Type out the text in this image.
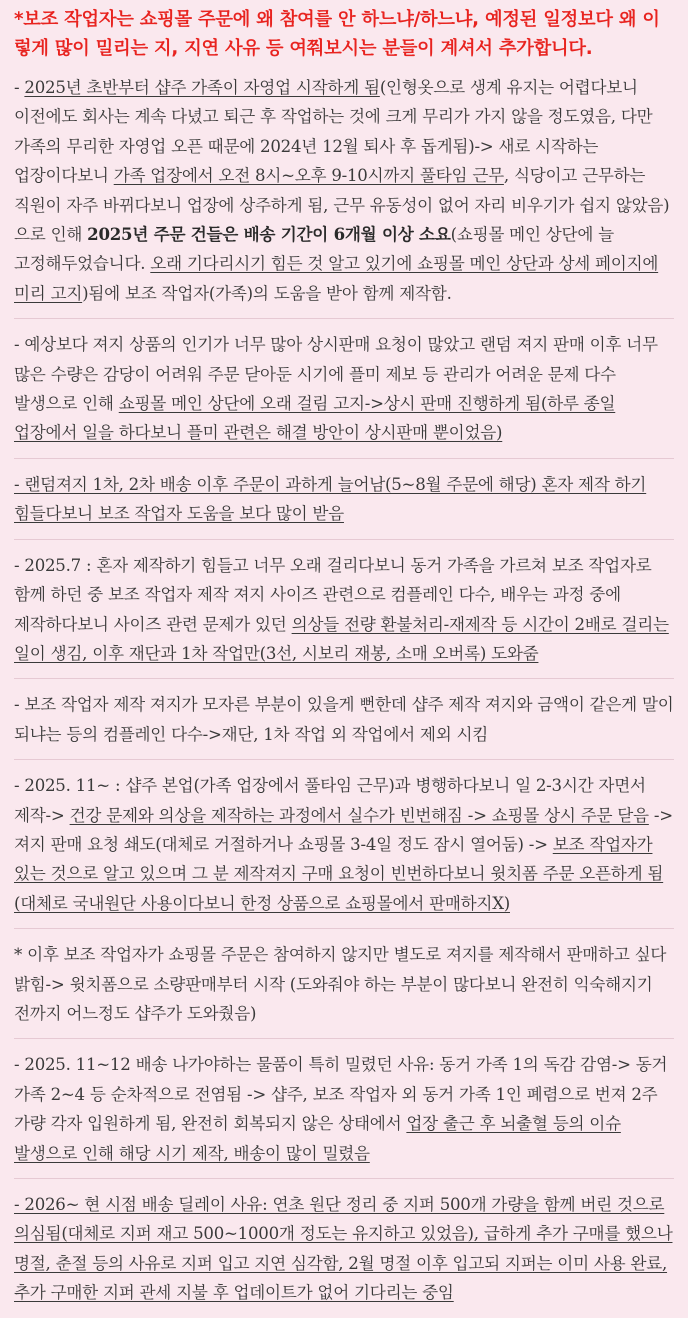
*보조 작업자는 쇼핑몰 주문에 왜 참여를 안 하느냐/하느냐, 예정된 일정보다 왜 이렇게 많이 밀리는 지, 지연 사유 등 여쭤보시는 분들이 계셔서 추가합니다.

- 2025년 초반부터 샵주 가족이 자영업 시작하게 됨(인형옷으로 생계 유지는 어렵다보니 이전에도 회사는 계속 다녔고 퇴근 후 작업하는 것에 크게 무리가 가지 않을 정도였음, 다만 가족의 무리한 자영업 오픈 때문에 2024년 12월 퇴사 후 돕게됨)-> 새로 시작하는 업장이다보니 가족 업장에서 오전 8시~오후 9-10시까지 풀타임 근무, 식당이고 근무하는 직원이 자주 바뀌다보니 업장에 상주하게 됨, 근무 유동성이 없어 자리 비우기가 쉽지 않았음)으로 인해 2025년 주문 건들은 배송 기간이 6개월 이상 소요(쇼핑몰 메인 상단에 늘 고정해두었습니다. 오래 기다리시기 힘든 것 알고 있기에 쇼핑몰 메인 상단과 상세 페이지에 미리 고지)됨에 보조 작업자(가족)의 도움을 받아 함께 제작함.

- 예상보다 져지 상품의 인기가 너무 많아 상시판매 요청이 많았고 랜덤 져지 판매 이후 너무 많은 수량은 감당이 어려워 주문 닫아둔 시기에 플미 제보 등 관리가 어려운 문제 다수 발생으로 인해 쇼핑몰 메인 상단에 오래 걸림 고지->상시 판매 진행하게 됨(하루 종일 업장에서 일을 하다보니 플미 관련은 해결 방안이 상시판매 뿐이었음)

- 랜덤져지 1차, 2차 배송 이후 주문이 과하게 늘어남(5~8월 주문에 해당) 혼자 제작 하기 힘들다보니 보조 작업자 도움을 보다 많이 받음

- 2025.7 : 혼자 제작하기 힘들고 너무 오래 걸리다보니 동거 가족을 가르쳐 보조 작업자로 함께 하던 중 보조 작업자 제작 져지 사이즈 관련으로 컴플레인 다수, 배우는 과정 중에 제작하다보니 사이즈 관련 문제가 있던 의상들 전량 환불처리-재제작 등 시간이 2배로 걸리는 일이 생김, 이후 재단과 1차 작업만(3선, 시보리 재봉, 소매 오버록) 도와줌

- 보조 작업자 제작 져지가 모자른 부분이 있을게 뻔한데 샵주 제작 져지와 금액이 같은게 말이 되냐는 등의 컴플레인 다수->재단, 1차 작업 외 작업에서 제외 시킴

- 2025. 11~ : 샵주 본업(가족 업장에서 풀타임 근무)과 병행하다보니 일 2-3시간 자면서 제작-> 건강 문제와 의상을 제작하는 과정에서 실수가 빈번해짐 -> 쇼핑몰 상시 주문 닫음 -> 져지 판매 요청 쇄도(대체로 거절하거나 쇼핑몰 3-4일 정도 잠시 열어둠) -> 보조 작업자가 있는 것으로 알고 있으며 그 분 제작져지 구매 요청이 빈번하다보니 윗치폼 주문 오픈하게 됨(대체로 국내원단 사용이다보니 한정 상품으로 쇼핑몰에서 판매하지X)

* 이후 보조 작업자가 쇼핑몰 주문은 참여하지 않지만 별도로 져지를 제작해서 판매하고 싶다 밝힘-> 윗치폼으로 소량판매부터 시작 (도와줘야 하는 부분이 많다보니 완전히 익숙해지기 전까지 어느정도 샵주가 도와줬음)

- 2025. 11~12 배송 나가야하는 물품이 특히 밀렸던 사유: 동거 가족 1의 독감 감염-> 동거 가족 2~4 등 순차적으로 전염됨 -> 샵주, 보조 작업자 외 동거 가족 1인 폐렴으로 번져 2주 가량 각자 입원하게 됨, 완전히 회복되지 않은 상태에서 업장 출근 후 뇌출혈 등의 이슈 발생으로 인해 해당 시기 제작, 배송이 많이 밀렸음

- 2026~ 현 시점 배송 딜레이 사유: 연초 원단 정리 중 지퍼 500개 가량을 함께 버린 것으로 의심됨(대체로 지퍼 재고 500~1000개 정도는 유지하고 있었음), 급하게 추가 구매를 했으나 명절, 춘절 등의 사유로 지퍼 입고 지연 심각함, 2월 명절 이후 입고되 지퍼는 이미 사용 완료, 추가 구매한 지퍼 관세 지불 후 업데이트가 없어 기다리는 중임
